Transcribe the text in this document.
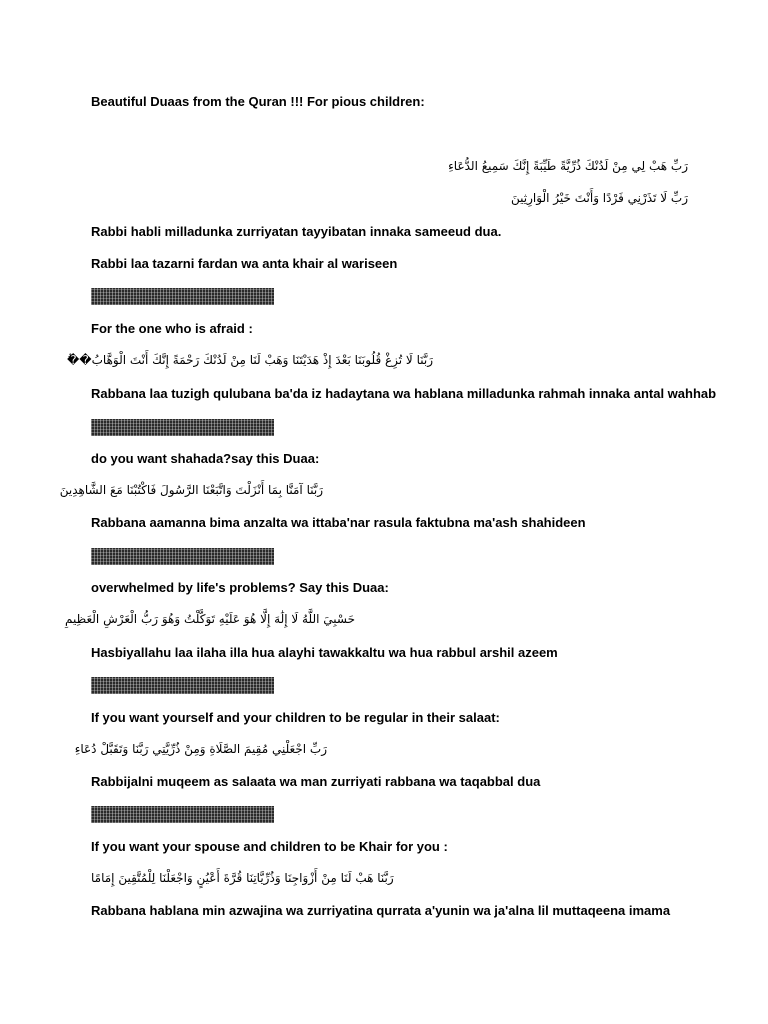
Beautiful Duaas from the Quran !!! For pious children:
رَبِّ هَبْ لِي مِنْ لَدُنْكَ ذُرِّيَّةً طَيِّبَةً إِنَّكَ سَمِيعُ الدُّعَاءِ
رَبِّ لَا تَذَرْنِي فَرْدًا وَأَنْتَ خَيْرُ الْوَارِثِينَ
Rabbi habli milladunka zurriyatan tayyibatan innaka sameeud dua.
Rabbi laa tazarni fardan wa anta khair al wariseen
For the one who is afraid :
رَبَّنَا لَا تُزِغْ قُلُوبَنَا بَعْدَ إِذْ هَدَيْتَنَا وَهَبْ لَنَا مِنْ لَدُنْكَ رَحْمَةً إِنَّكَ أَنْتَ الْوَهَّابُ��ُ
Rabbana laa tuzigh qulubana ba'da iz hadaytana wa hablana milladunka rahmah innaka antal wahhab
do you want shahada?say this Duaa:
رَبَّنَا آمَنَّا بِمَا أَنْزَلْتَ وَاتَّبَعْنَا الرَّسُولَ فَاكْتُبْنَا مَعَ الشَّاهِدِينَ
Rabbana aamanna bima anzalta wa ittaba'nar rasula faktubna ma'ash shahideen
overwhelmed by life's problems? Say this Duaa:
حَسْبِيَ اللَّهُ لَا إِلَٰهَ إِلَّا هُوَ عَلَيْهِ تَوَكَّلْتُ وَهُوَ رَبُّ الْعَرْشِ الْعَظِيمِ
Hasbiyallahu laa ilaha illa hua alayhi tawakkaltu wa hua rabbul arshil azeem
If you want yourself and your children to be regular in their salaat:
رَبِّ اجْعَلْنِي مُقِيمَ الصَّلَاةِ وَمِنْ ذُرِّيَّتِي رَبَّنَا وَتَقَبَّلْ دُعَاءِ
Rabbijalni muqeem as salaata wa man zurriyati rabbana wa taqabbal dua
If you want your spouse and children to be Khair for you :
رَبَّنَا هَبْ لَنَا مِنْ أَزْوَاجِنَا وَذُرِّيَّاتِنَا قُرَّةَ أَعْيُنٍ وَاجْعَلْنَا لِلْمُتَّقِينَ إِمَامًا
Rabbana hablana min azwajina wa zurriyatina qurrata a'yunin wa ja'alna lil muttaqeena imama
